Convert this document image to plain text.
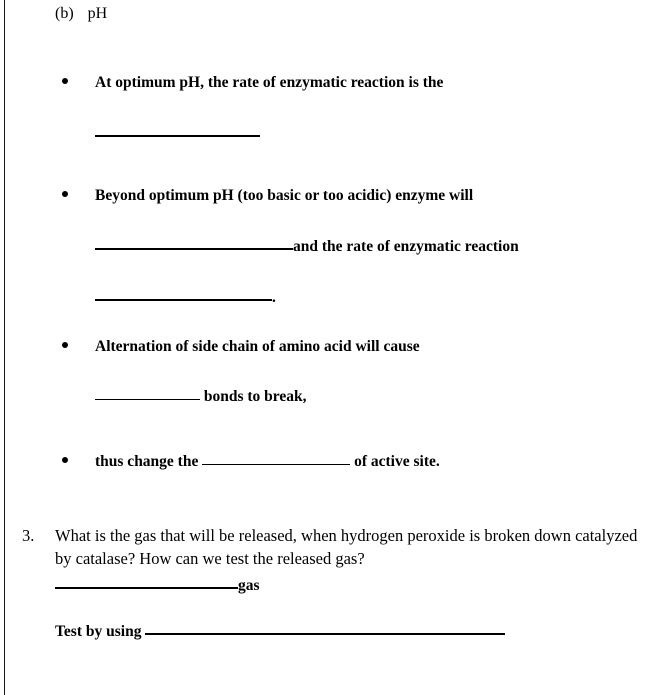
(b) pH
At optimum pH, the rate of enzymatic reaction is the
Beyond optimum pH (too basic or too acidic) enzyme will
and the rate of enzymatic reaction
.
Alternation of side chain of amino acid will cause
bonds to break,
thus change the	of active site.
3. What is the gas that will be released, when hydrogen peroxide is broken down catalyzed by catalase? How can we test the released gas?
gas
Test by using
